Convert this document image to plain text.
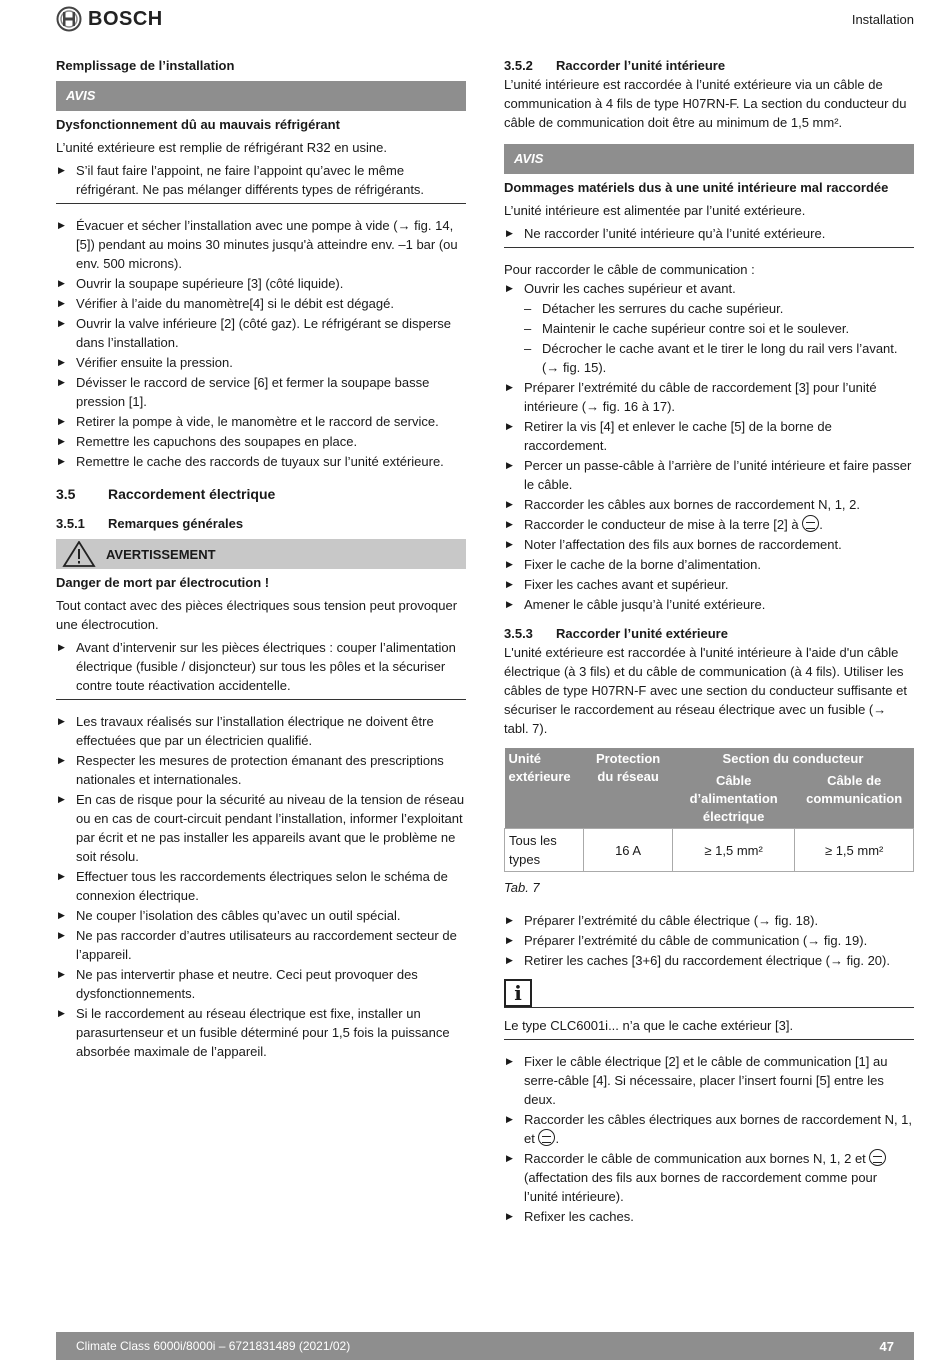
BOSCH	Installation
Remplissage de l’installation
AVIS
Dysfonctionnement dû au mauvais réfrigérant
L’unité extérieure est remplie de réfrigérant R32 en usine.
▶ S’il faut faire l’appoint, ne faire l’appoint qu’avec le même réfrigérant. Ne pas mélanger différents types de réfrigérants.
▶ Évacuer et sécher l’installation avec une pompe à vide (→ fig. 14, [5]) pendant au moins 30 minutes jusqu'à atteindre env. –1 bar (ou env. 500 microns).
▶ Ouvrir la soupape supérieure [3] (côté liquide).
▶ Vérifier à l’aide du manomètre[4] si le débit est dégagé.
▶ Ouvrir la valve inférieure [2] (côté gaz). Le réfrigérant se disperse dans l’installation.
▶ Vérifier ensuite la pression.
▶ Dévisser le raccord de service [6] et fermer la soupape basse pression [1].
▶ Retirer la pompe à vide, le manomètre et le raccord de service.
▶ Remettre les capuchons des soupapes en place.
▶ Remettre le cache des raccords de tuyaux sur l’unité extérieure.
3.5	Raccordement électrique
3.5.1	Remarques générales
AVERTISSEMENT
Danger de mort par électrocution !
Tout contact avec des pièces électriques sous tension peut provoquer une électrocution.
▶ Avant d’intervenir sur les pièces électriques : couper l’alimentation électrique (fusible / disjoncteur) sur tous les pôles et la sécuriser contre toute réactivation accidentelle.
▶ Les travaux réalisés sur l’installation électrique ne doivent être effectuées que par un électricien qualifié.
▶ Respecter les mesures de protection émanant des prescriptions nationales et internationales.
▶ En cas de risque pour la sécurité au niveau de la tension de réseau ou en cas de court-circuit pendant l’installation, informer l’exploitant par écrit et ne pas installer les appareils avant que le problème ne soit résolu.
▶ Effectuer tous les raccordements électriques selon le schéma de connexion électrique.
▶ Ne couper l’isolation des câbles qu’avec un outil spécial.
▶ Ne pas raccorder d’autres utilisateurs au raccordement secteur de l’appareil.
▶ Ne pas intervertir phase et neutre. Ceci peut provoquer des dysfonctionnements.
▶ Si le raccordement au réseau électrique est fixe, installer un parasurtenseur et un fusible déterminé pour 1,5 fois la puissance absorbée maximale de l’appareil.
3.5.2	Raccorder l’unité intérieure
L’unité intérieure est raccordée à l’unité extérieure via un câble de communication à 4 fils de type H07RN-F. La section du conducteur du câble de communication doit être au minimum de 1,5 mm².
AVIS
Dommages matériels dus à une unité intérieure mal raccordée
L’unité intérieure est alimentée par l’unité extérieure.
▶ Ne raccorder l’unité intérieure qu’à l’unité extérieure.
Pour raccorder le câble de communication :
▶ Ouvrir les caches supérieur et avant.
– Détacher les serrures du cache supérieur.
– Maintenir le cache supérieur contre soi et le soulever.
– Décrocher le cache avant et le tirer le long du rail vers l’avant. (→ fig. 15).
▶ Préparer l’extrémité du câble de raccordement [3] pour l’unité intérieure (→ fig. 16 à 17).
▶ Retirer la vis [4] et enlever le cache [5] de la borne de raccordement.
▶ Percer un passe-câble à l’arrière de l’unité intérieure et faire passer le câble.
▶ Raccorder les câbles aux bornes de raccordement N, 1, 2.
▶ Raccorder le conducteur de mise à la terre [2] à .
▶ Noter l’affectation des fils aux bornes de raccordement.
▶ Fixer le cache de la borne d’alimentation.
▶ Fixer les caches avant et supérieur.
▶ Amener le câble jusqu’à l’unité extérieure.
3.5.3	Raccorder l’unité extérieure
L'unité extérieure est raccordée à l'unité intérieure à l'aide d'un câble électrique (à 3 fils) et du câble de communication (à 4 fils). Utiliser les câbles de type H07RN-F avec une section du conducteur suffisante et sécuriser le raccordement au réseau électrique avec un fusible (→ tabl. 7).
Unité extérieure	Protection du réseau	Section du conducteur	
		Câble d’alimentation électrique	Câble de communication
Tous les types	16 A	≥ 1,5 mm²	≥ 1,5 mm²
Tab. 7
▶ Préparer l’extrémité du câble électrique (→ fig. 18).
▶ Préparer l’extrémité du câble de communication (→ fig. 19).
▶ Retirer les caches [3+6] du raccordement électrique (→ fig. 20).
i
Le type CLC6001i... n’a que le cache extérieur [3].
▶ Fixer le câble électrique [2] et le câble de communication [1] au serre-câble [4]. Si nécessaire, placer l’insert fourni [5] entre les deux.
▶ Raccorder les câbles électriques aux bornes de raccordement N, 1, et .
▶ Raccorder le câble de communication aux bornes N, 1, 2 et  (affectation des fils aux bornes de raccordement comme pour l’unité intérieure).
▶ Refixer les caches.
Climate Class 6000i/8000i – 6721831489 (2021/02)	47
